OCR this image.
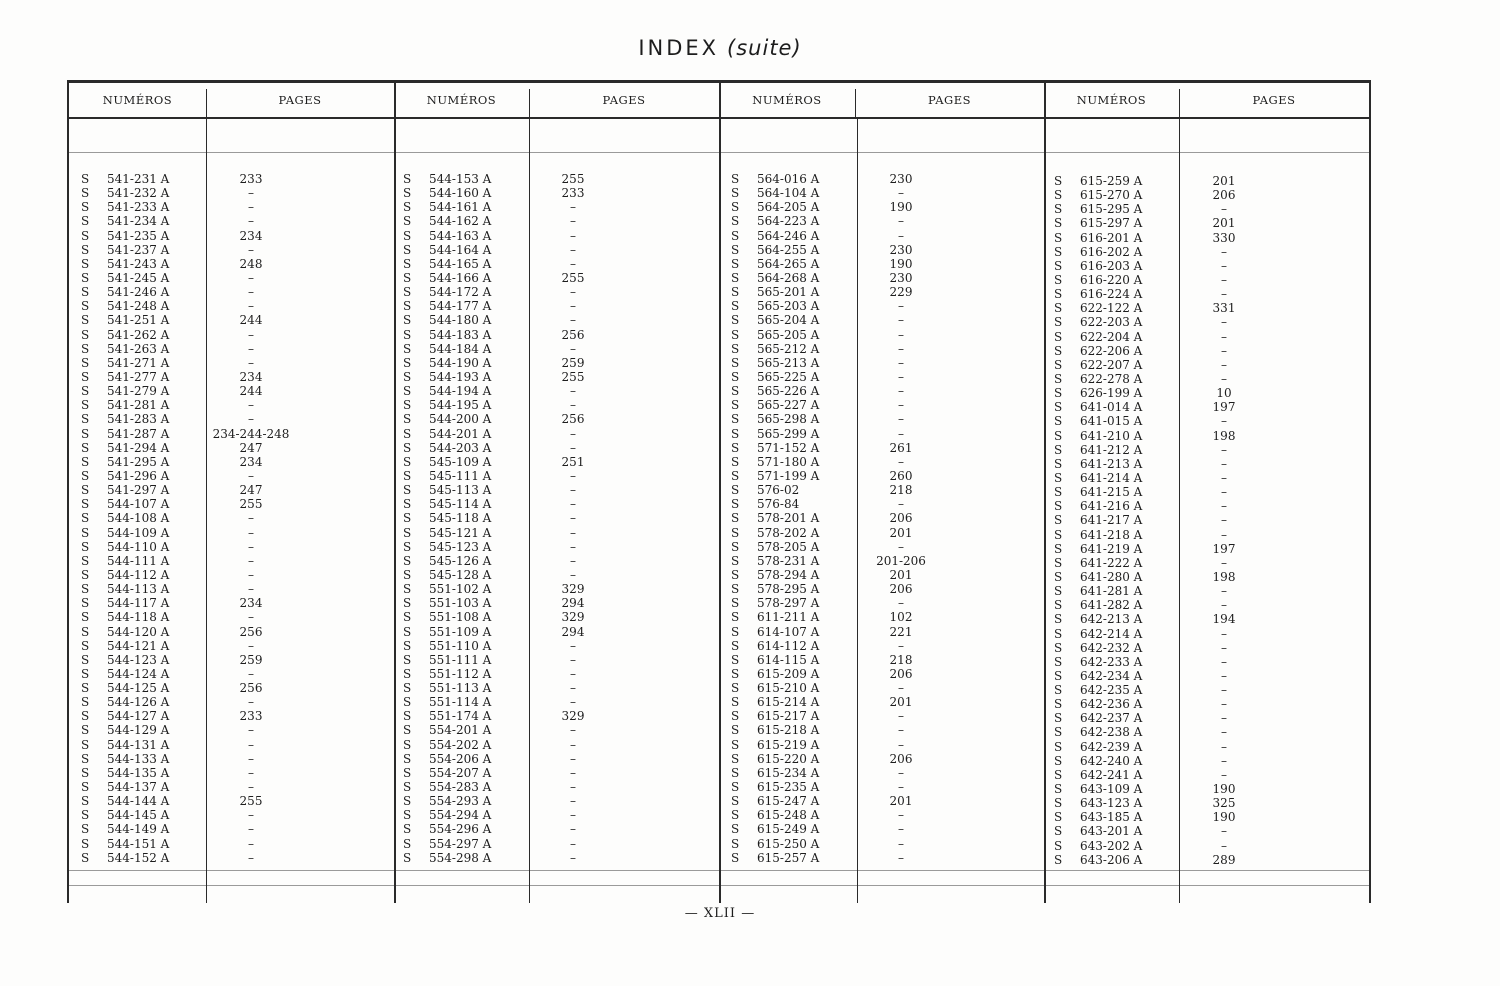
INDEX (suite)
NUMÉROS	PAGES	NUMÉROS	PAGES	NUMÉROS	PAGES	NUMÉROS	PAGES
S 541-231 A	233
S 541-232 A	–
S 541-233 A	–
S 541-234 A	–
S 541-235 A	234
S 541-237 A	–
S 541-243 A	248
S 541-245 A	–
S 541-246 A	–
S 541-248 A	–
S 541-251 A	244
S 541-262 A	–
S 541-263 A	–
S 541-271 A	–
S 541-277 A	234
S 541-279 A	244
S 541-281 A	–
S 541-283 A	–
S 541-287 A	234-244-248
S 541-294 A	247
S 541-295 A	234
S 541-296 A	–
S 541-297 A	247
S 544-107 A	255
S 544-108 A	–
S 544-109 A	–
S 544-110 A	–
S 544-111 A	–
S 544-112 A	–
S 544-113 A	–
S 544-117 A	234
S 544-118 A	–
S 544-120 A	256
S 544-121 A	–
S 544-123 A	259
S 544-124 A	–
S 544-125 A	256
S 544-126 A	–
S 544-127 A	233
S 544-129 A	–
S 544-131 A	–
S 544-133 A	–
S 544-135 A	–
S 544-137 A	–
S 544-144 A	255
S 544-145 A	–
S 544-149 A	–
S 544-151 A	–
S 544-152 A	–
S 544-153 A	255
S 544-160 A	233
S 544-161 A	–
S 544-162 A	–
S 544-163 A	–
S 544-164 A	–
S 544-165 A	–
S 544-166 A	255
S 544-172 A	–
S 544-177 A	–
S 544-180 A	–
S 544-183 A	256
S 544-184 A	–
S 544-190 A	259
S 544-193 A	255
S 544-194 A	–
S 544-195 A	–
S 544-200 A	256
S 544-201 A	–
S 544-203 A	–
S 545-109 A	251
S 545-111 A	–
S 545-113 A	–
S 545-114 A	–
S 545-118 A	–
S 545-121 A	–
S 545-123 A	–
S 545-126 A	–
S 545-128 A	–
S 551-102 A	329
S 551-103 A	294
S 551-108 A	329
S 551-109 A	294
S 551-110 A	–
S 551-111 A	–
S 551-112 A	–
S 551-113 A	–
S 551-114 A	–
S 551-174 A	329
S 554-201 A	–
S 554-202 A	–
S 554-206 A	–
S 554-207 A	–
S 554-283 A	–
S 554-293 A	–
S 554-294 A	–
S 554-296 A	–
S 554-297 A	–
S 554-298 A	–
S 564-016 A	230
S 564-104 A	–
S 564-205 A	190
S 564-223 A	–
S 564-246 A	–
S 564-255 A	230
S 564-265 A	190
S 564-268 A	230
S 565-201 A	229
S 565-203 A	–
S 565-204 A	–
S 565-205 A	–
S 565-212 A	–
S 565-213 A	–
S 565-225 A	–
S 565-226 A	–
S 565-227 A	–
S 565-298 A	–
S 565-299 A	–
S 571-152 A	261
S 571-180 A	–
S 571-199 A	260
S 576-02	218
S 576-84	–
S 578-201 A	206
S 578-202 A	201
S 578-205 A	–
S 578-231 A	201-206
S 578-294 A	201
S 578-295 A	206
S 578-297 A	–
S 611-211 A	102
S 614-107 A	221
S 614-112 A	–
S 614-115 A	218
S 615-209 A	206
S 615-210 A	–
S 615-214 A	201
S 615-217 A	–
S 615-218 A	–
S 615-219 A	–
S 615-220 A	206
S 615-234 A	–
S 615-235 A	–
S 615-247 A	201
S 615-248 A	–
S 615-249 A	–
S 615-250 A	–
S 615-257 A	–
S 615-259 A	201
S 615-270 A	206
S 615-295 A	–
S 615-297 A	201
S 616-201 A	330
S 616-202 A	–
S 616-203 A	–
S 616-220 A	–
S 616-224 A	–
S 622-122 A	331
S 622-203 A	–
S 622-204 A	–
S 622-206 A	–
S 622-207 A	–
S 622-278 A	–
S 626-199 A	10
S 641-014 A	197
S 641-015 A	–
S 641-210 A	198
S 641-212 A	–
S 641-213 A	–
S 641-214 A	–
S 641-215 A	–
S 641-216 A	–
S 641-217 A	–
S 641-218 A	–
S 641-219 A	197
S 641-222 A	–
S 641-280 A	198
S 641-281 A	–
S 641-282 A	–
S 642-213 A	194
S 642-214 A	–
S 642-232 A	–
S 642-233 A	–
S 642-234 A	–
S 642-235 A	–
S 642-236 A	–
S 642-237 A	–
S 642-238 A	–
S 642-239 A	–
S 642-240 A	–
S 642-241 A	–
S 643-109 A	190
S 643-123 A	325
S 643-185 A	190
S 643-201 A	–
S 643-202 A	–
S 643-206 A	289
— XLII —
